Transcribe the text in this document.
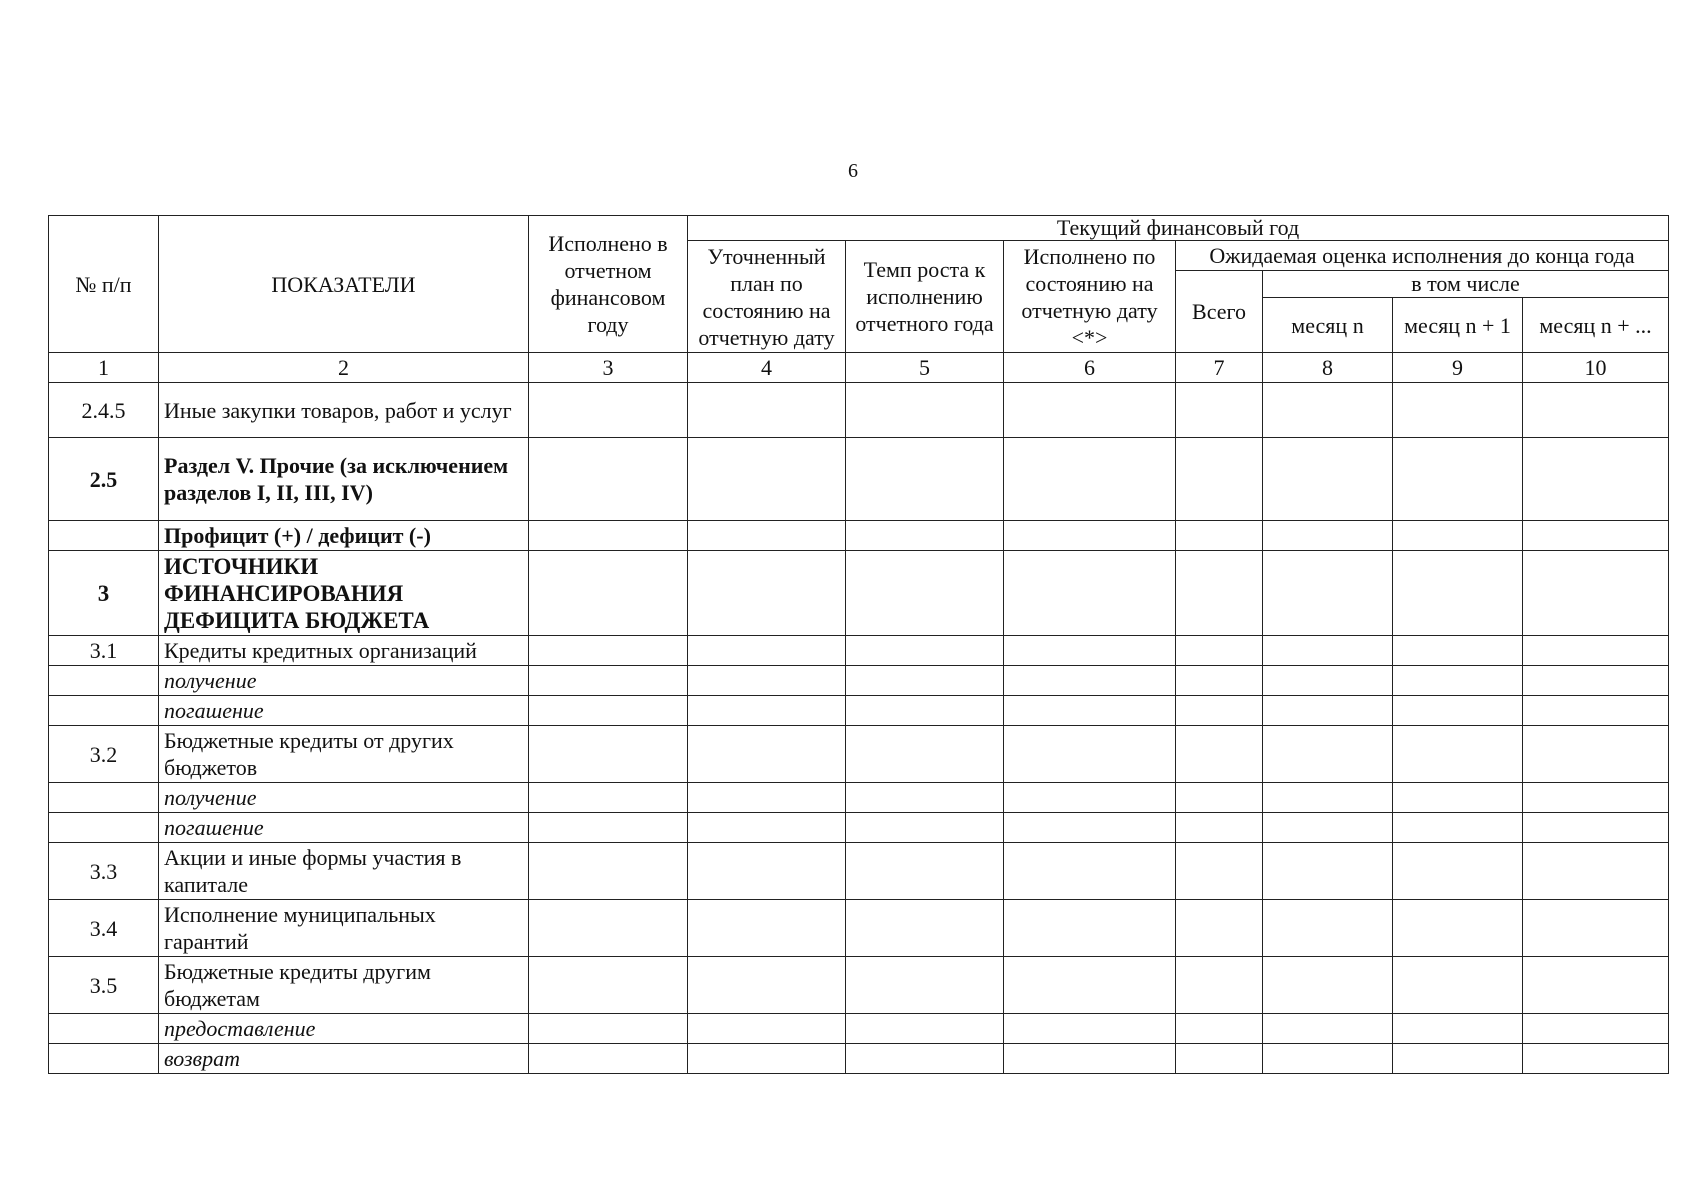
6
№ п/п	ПОКАЗАТЕЛИ	Исполнено в отчетном финансовом году	Текущий финансовый год						
			Уточненный план по состоянию на отчетную дату	Темп роста к исполнению отчетного года	Исполнено по состоянию на отчетную дату <*>	Ожидаемая оценка исполнения до конца года			
						Всего	в том числе		
							месяц n	месяц n + 1	месяц n + ...
1	2	3	4	5	6	7	8	9	10
2.4.5	Иные закупки товаров, работ и услуг								
2.5	Раздел V. Прочие (за исключением разделов I, II, III, IV)								
	Профицит (+) / дефицит (-)								
3	ИСТОЧНИКИ ФИНАНСИРОВАНИЯ ДЕФИЦИТА БЮДЖЕТА								
3.1	Кредиты кредитных организаций								
	получение								
	погашение								
3.2	Бюджетные кредиты от других бюджетов								
	получение								
	погашение								
3.3	Акции и иные формы участия в капитале								
3.4	Исполнение муниципальных гарантий								
3.5	Бюджетные кредиты другим бюджетам								
	предоставление								
	возврат								
